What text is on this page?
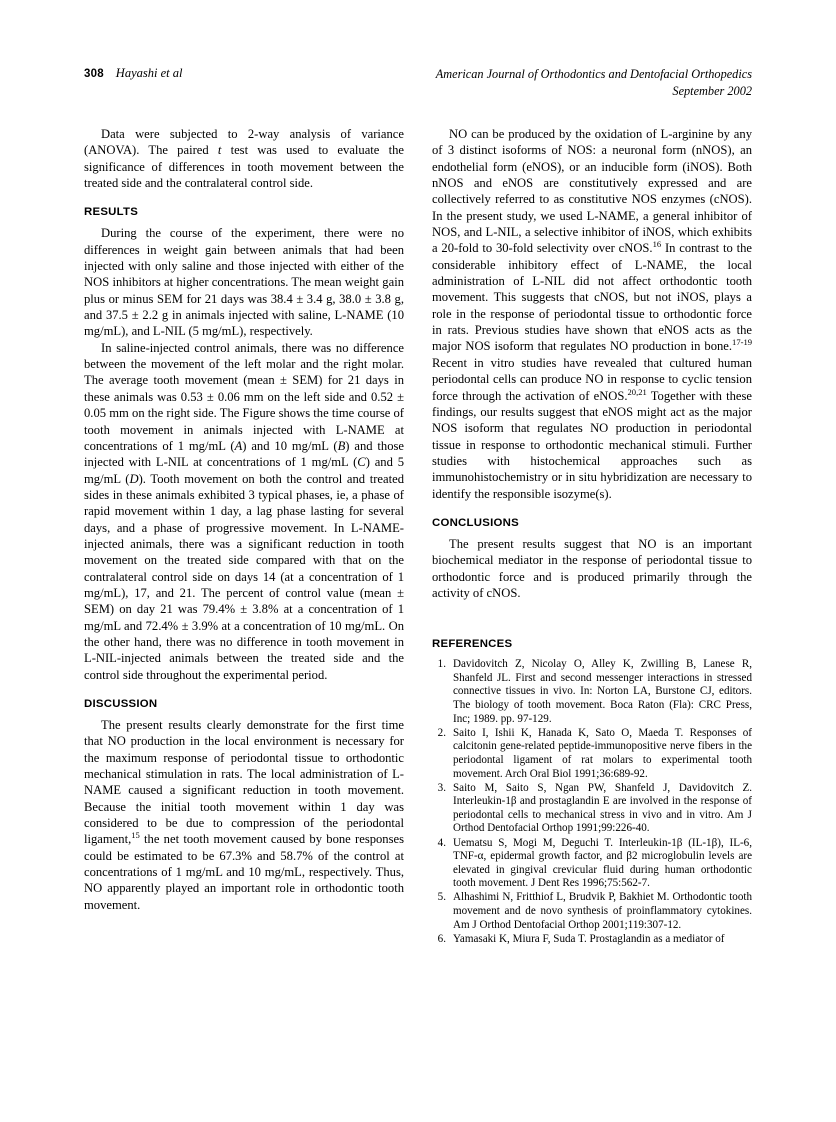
308 Hayashi et al	American Journal of Orthodontics and Dentofacial Orthopedics
September 2002

Data were subjected to 2-way analysis of variance (ANOVA). The paired t test was used to evaluate the significance of differences in tooth movement between the treated side and the contralateral control side.

RESULTS

During the course of the experiment, there were no differences in weight gain between animals that had been injected with only saline and those injected with either of the NOS inhibitors at higher concentrations. The mean weight gain plus or minus SEM for 21 days was 38.4 ± 3.4 g, 38.0 ± 3.8 g, and 37.5 ± 2.2 g in animals injected with saline, L-NAME (10 mg/mL), and L-NIL (5 mg/mL), respectively.

In saline-injected control animals, there was no difference between the movement of the left molar and the right molar. The average tooth movement (mean ± SEM) for 21 days in these animals was 0.53 ± 0.06 mm on the left side and 0.52 ± 0.05 mm on the right side. The Figure shows the time course of tooth movement in animals injected with L-NAME at concentrations of 1 mg/mL (A) and 10 mg/mL (B) and those injected with L-NIL at concentrations of 1 mg/mL (C) and 5 mg/mL (D). Tooth movement on both the control and treated sides in these animals exhibited 3 typical phases, ie, a phase of rapid movement within 1 day, a lag phase lasting for several days, and a phase of progressive movement. In L-NAME-injected animals, there was a significant reduction in tooth movement on the treated side compared with that on the contralateral control side on days 14 (at a concentration of 1 mg/mL), 17, and 21. The percent of control value (mean ± SEM) on day 21 was 79.4% ± 3.8% at a concentration of 1 mg/mL and 72.4% ± 3.9% at a concentration of 10 mg/mL. On the other hand, there was no difference in tooth movement in L-NIL-injected animals between the treated side and the control side throughout the experimental period.

DISCUSSION

The present results clearly demonstrate for the first time that NO production in the local environment is necessary for the maximum response of periodontal tissue to orthodontic mechanical stimulation in rats. The local administration of L-NAME caused a significant reduction in tooth movement. Because the initial tooth movement within 1 day was considered to be due to compression of the periodontal ligament,$^{15}$ the net tooth movement caused by bone responses could be estimated to be 67.3% and 58.7% of the control at concentrations of 1 mg/mL and 10 mg/mL, respectively. Thus, NO apparently played an important role in orthodontic tooth movement.

NO can be produced by the oxidation of L-arginine by any of 3 distinct isoforms of NOS: a neuronal form (nNOS), an endothelial form (eNOS), or an inducible form (iNOS). Both nNOS and eNOS are constitutively expressed and are collectively referred to as constitutive NOS enzymes (cNOS). In the present study, we used L-NAME, a general inhibitor of NOS, and L-NIL, a selective inhibitor of iNOS, which exhibits a 20-fold to 30-fold selectivity over cNOS.$^{16}$ In contrast to the considerable inhibitory effect of L-NAME, the local administration of L-NIL did not affect orthodontic tooth movement. This suggests that cNOS, but not iNOS, plays a role in the response of periodontal tissue to orthodontic force in rats. Previous studies have shown that eNOS acts as the major NOS isoform that regulates NO production in bone.$^{17-19}$ Recent in vitro studies have revealed that cultured human periodontal cells can produce NO in response to cyclic tension force through the activation of eNOS.$^{20,21}$ Together with these findings, our results suggest that eNOS might act as the major NOS isoform that regulates NO production in periodontal tissue in response to orthodontic mechanical stimuli. Further studies with histochemical approaches such as immunohistochemistry or in situ hybridization are necessary to identify the responsible isozyme(s).

CONCLUSIONS

The present results suggest that NO is an important biochemical mediator in the response of periodontal tissue to orthodontic force and is produced primarily through the activity of cNOS.

REFERENCES
Davidovitch Z, Nicolay O, Alley K, Zwilling B, Lanese R, Shanfeld JL. First and second messenger interactions in stressed connective tissues in vivo. In: Norton LA, Burstone CJ, editors. The biology of tooth movement. Boca Raton (Fla): CRC Press, Inc; 1989. pp. 97-129.
Saito I, Ishii K, Hanada K, Sato O, Maeda T. Responses of calcitonin gene-related peptide-immunopositive nerve fibers in the periodontal ligament of rat molars to experimental tooth movement. Arch Oral Biol 1991;36:689-92.
Saito M, Saito S, Ngan PW, Shanfeld J, Davidovitch Z. Interleukin-1β and prostaglandin E are involved in the response of periodontal cells to mechanical stress in vivo and in vitro. Am J Orthod Dentofacial Orthop 1991;99:226-40.
Uematsu S, Mogi M, Deguchi T. Interleukin-1β (IL-1β), IL-6, TNF-α, epidermal growth factor, and β2 microglobulin levels are elevated in gingival crevicular fluid during human orthodontic tooth movement. J Dent Res 1996;75:562-7.
Alhashimi N, Fritthiof L, Brudvik P, Bakhiet M. Orthodontic tooth movement and de novo synthesis of proinflammatory cytokines. Am J Orthod Dentofacial Orthop 2001;119:307-12.
Yamasaki K, Miura F, Suda T. Prostaglandin as a mediator of
